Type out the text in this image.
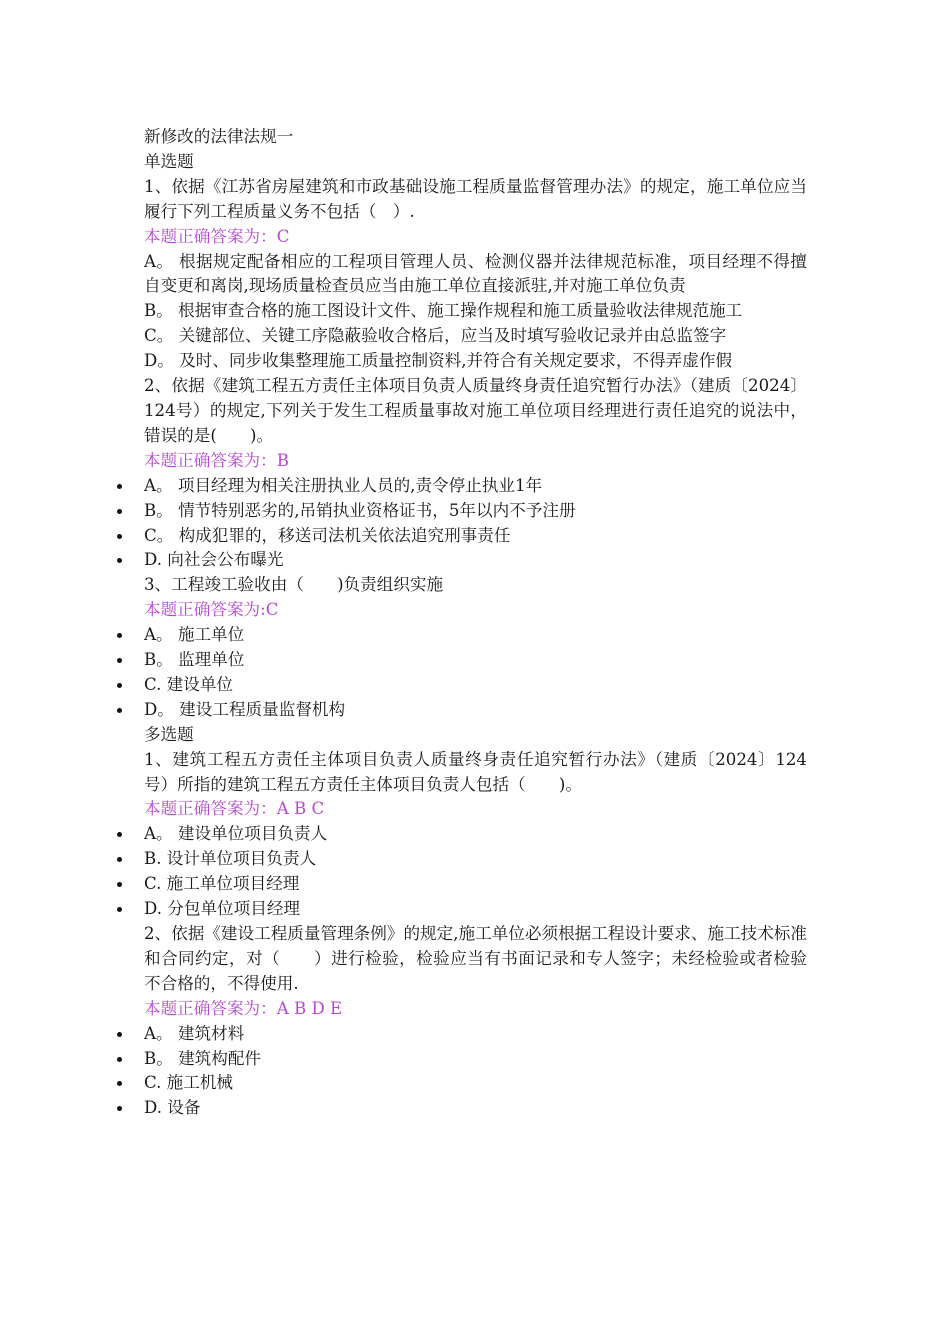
新修改的法律法规一
单选题
1、依据《江苏省房屋建筑和市政基础设施工程质量监督管理办法》的规定，施工单位应当履行下列工程质量义务不包括（　）.
本题正确答案为：C
A。 根据规定配备相应的工程项目管理人员、检测仪器并法律规范标准，项目经理不得擅自变更和离岗,现场质量检查员应当由施工单位直接派驻,并对施工单位负责
B。 根据审查合格的施工图设计文件、施工操作规程和施工质量验收法律规范施工
C。 关键部位、关键工序隐蔽验收合格后，应当及时填写验收记录并由总监签字
D。 及时、同步收集整理施工质量控制资料,并符合有关规定要求，不得弄虚作假
2、依据《建筑工程五方责任主体项目负责人质量终身责任追究暂行办法》（建质〔2024〕124号）的规定,下列关于发生工程质量事故对施工单位项目经理进行责任追究的说法中，错误的是(　　)。
本题正确答案为：B
A。 项目经理为相关注册执业人员的,责令停止执业1年
B。 情节特别恶劣的,吊销执业资格证书，5年以内不予注册
C。 构成犯罪的，移送司法机关依法追究刑事责任
D. 向社会公布曝光
3、工程竣工验收由（　　)负责组织实施
本题正确答案为:C
A。 施工单位
B。 监理单位
C. 建设单位
D。 建设工程质量监督机构
多选题
1、建筑工程五方责任主体项目负责人质量终身责任追究暂行办法》（建质〔2024〕124号）所指的建筑工程五方责任主体项目负责人包括（　　)。
本题正确答案为：A B C
A。 建设单位项目负责人
B. 设计单位项目负责人
C. 施工单位项目经理
D. 分包单位项目经理
2、依据《建设工程质量管理条例》的规定,施工单位必须根据工程设计要求、施工技术标准和合同约定，对（　　）进行检验，检验应当有书面记录和专人签字；未经检验或者检验不合格的，不得使用.
本题正确答案为：A B D E
A。 建筑材料
B。 建筑构配件
C. 施工机械
D. 设备
